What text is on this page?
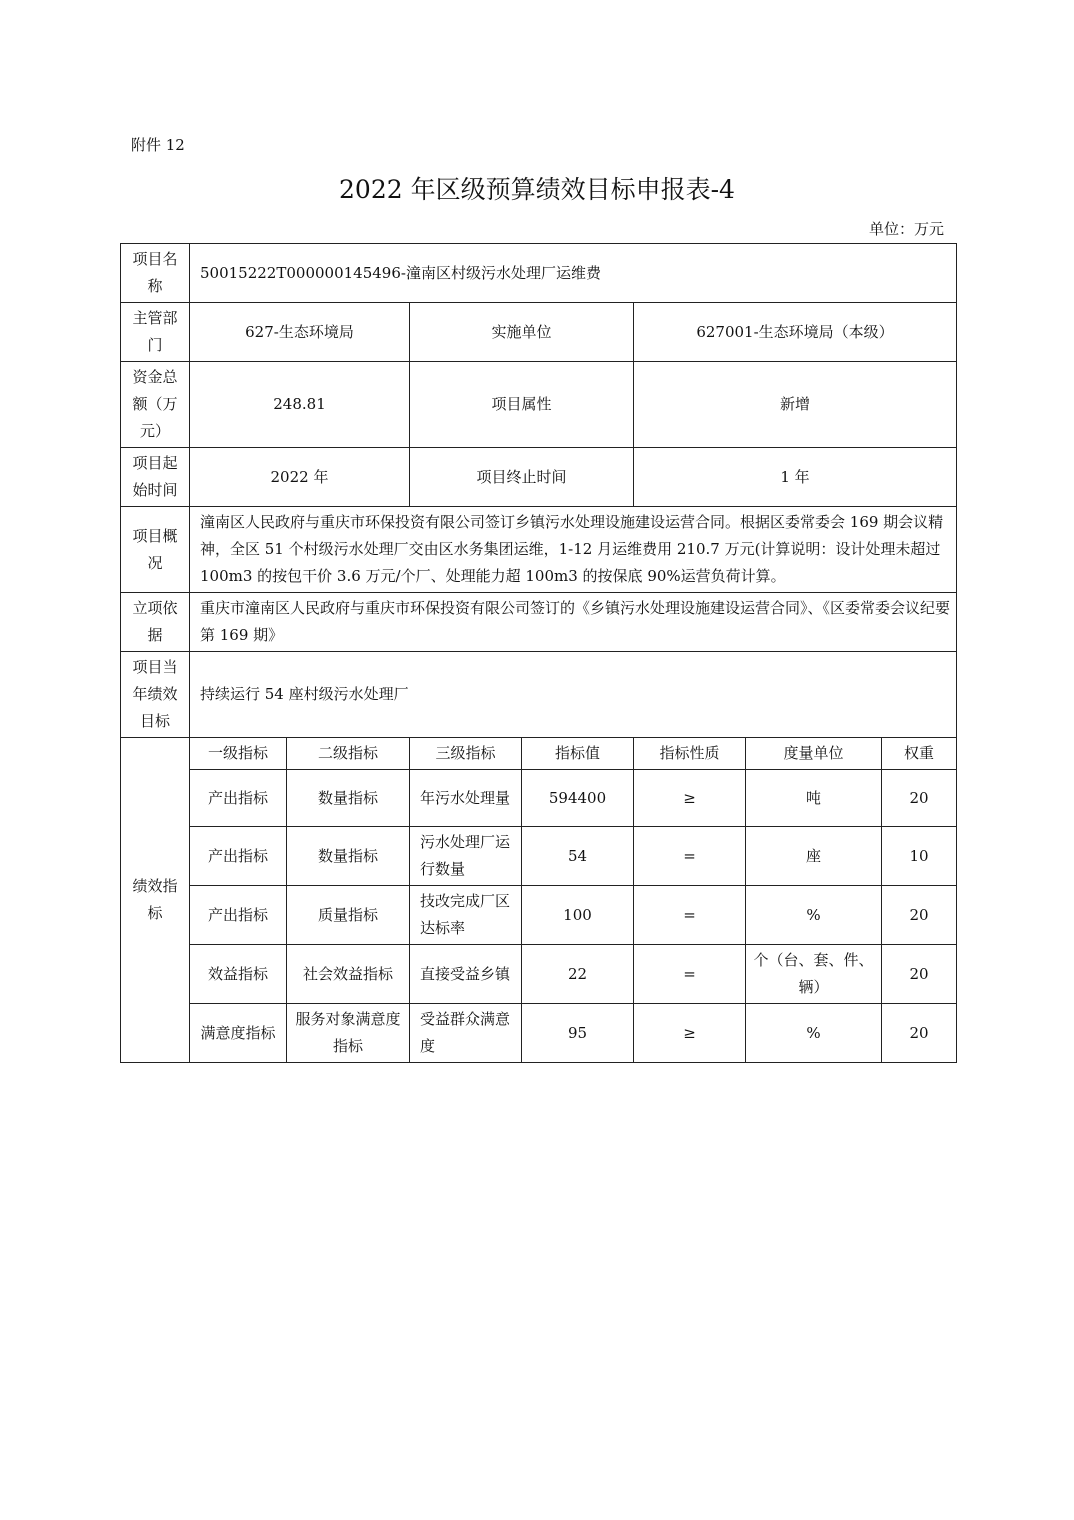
附件 12
2022 年区级预算绩效目标申报表-4
单位：万元
项目名称	50015222T000000145496-潼南区村级污水处理厂运维费						
主管部门	627-生态环境局		实施单位		627001-生态环境局（本级）		
资金总额（万元）	248.81		项目属性		新增		
项目起始时间	2022 年		项目终止时间		1 年		
项目概况	潼南区人民政府与重庆市环保投资有限公司签订乡镇污水处理设施建设运营合同。根据区委常委会 169 期会议精神，全区 51 个村级污水处理厂交由区水务集团运维，1-12 月运维费用 210.7 万元(计算说明：设计处理未超过 100m3 的按包干价 3.6 万元/个厂、处理能力超 100m3 的按保底 90%运营负荷计算。						
立项依据	重庆市潼南区人民政府与重庆市环保投资有限公司签订的《乡镇污水处理设施建设运营合同》、《区委常委会议纪要 第 169 期》						
项目当年绩效目标	持续运行 54 座村级污水处理厂						
绩效指标	一级指标	二级指标	三级指标	指标值	指标性质	度量单位	权重
	产出指标	数量指标	年污水处理量	594400	≥	吨	20
	产出指标	数量指标	污水处理厂运行数量	54	=	座	10
	产出指标	质量指标	技改完成厂区达标率	100	=	%	20
	效益指标	社会效益指标	直接受益乡镇	22	=	个（台、套、件、辆）	20
	满意度指标	服务对象满意度指标	受益群众满意度	95	≥	%	20
